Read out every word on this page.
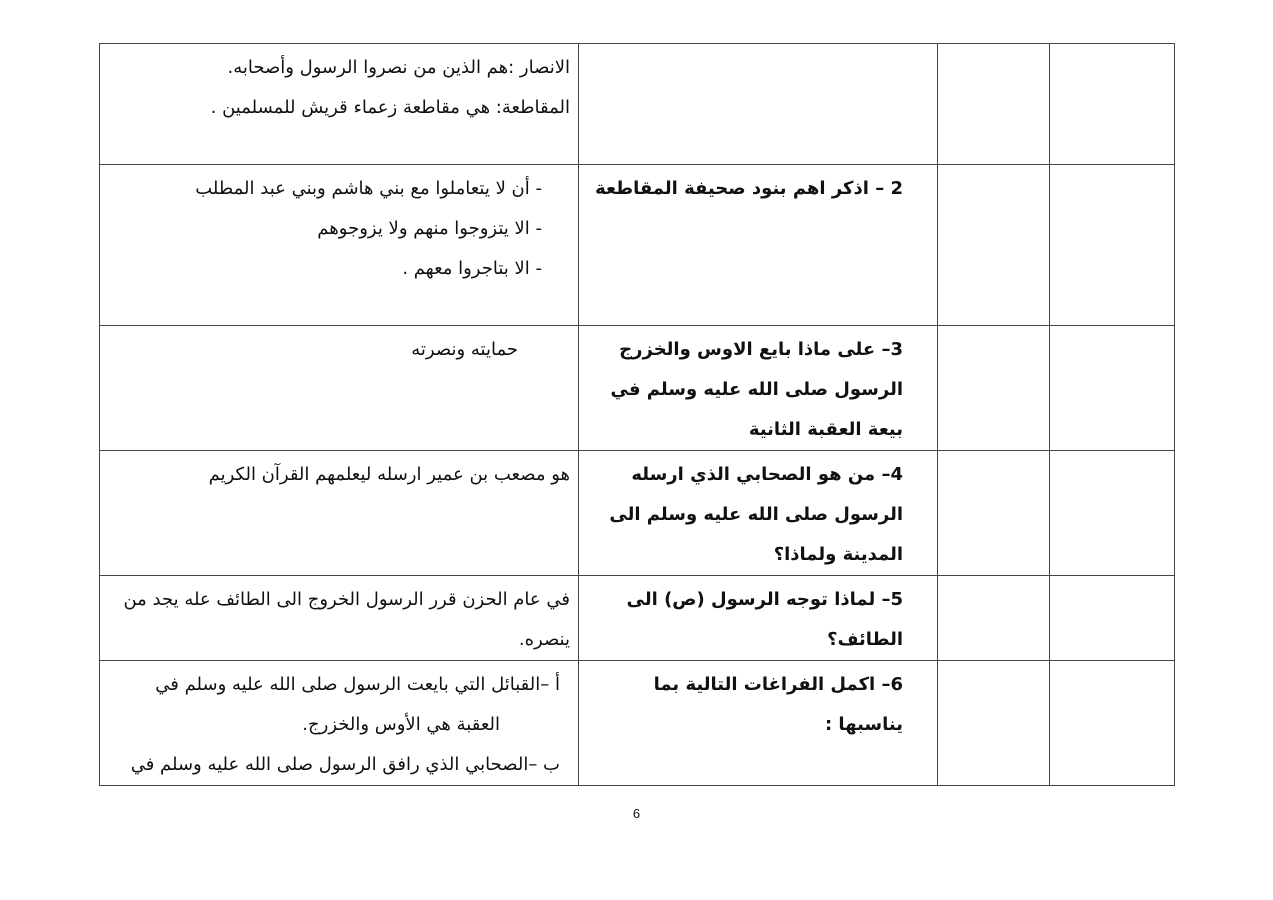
الانصار :هم الذين من نصروا الرسول وأصحابه.

المقاطعة: هي مقاطعة زعماء قريش للمسلمين .			

- أن لا يتعاملوا مع بني هاشم وبني عبد المطلب

- الا يتزوجوا منهم ولا يزوجوهم

- الا بتاجروا معهم .	2 – اذكر اهم بنود صحيفة المقاطعة		

حمايته ونصرته	3– على ماذا بايع الاوس والخزرج الرسول صلى الله عليه وسلم في بيعة العقبة الثانية		

هو مصعب بن عمير ارسله ليعلمهم القرآن الكريم	4– من هو الصحابي الذي ارسله الرسول صلى الله عليه وسلم الى المدينة ولماذا؟		

في عام الحزن قرر الرسول الخروج الى الطائف عله يجد من

ينصره.	5– لماذا توجه الرسول (ص) الى الطائف؟		

أ –القبائل التي بايعت الرسول صلى الله عليه وسلم في

العقبة هي الأوس والخزرج.

ب –الصحابي الذي رافق الرسول صلى الله عليه وسلم في	6– اكمل الفراغات التالية بما يناسبها :		

6
